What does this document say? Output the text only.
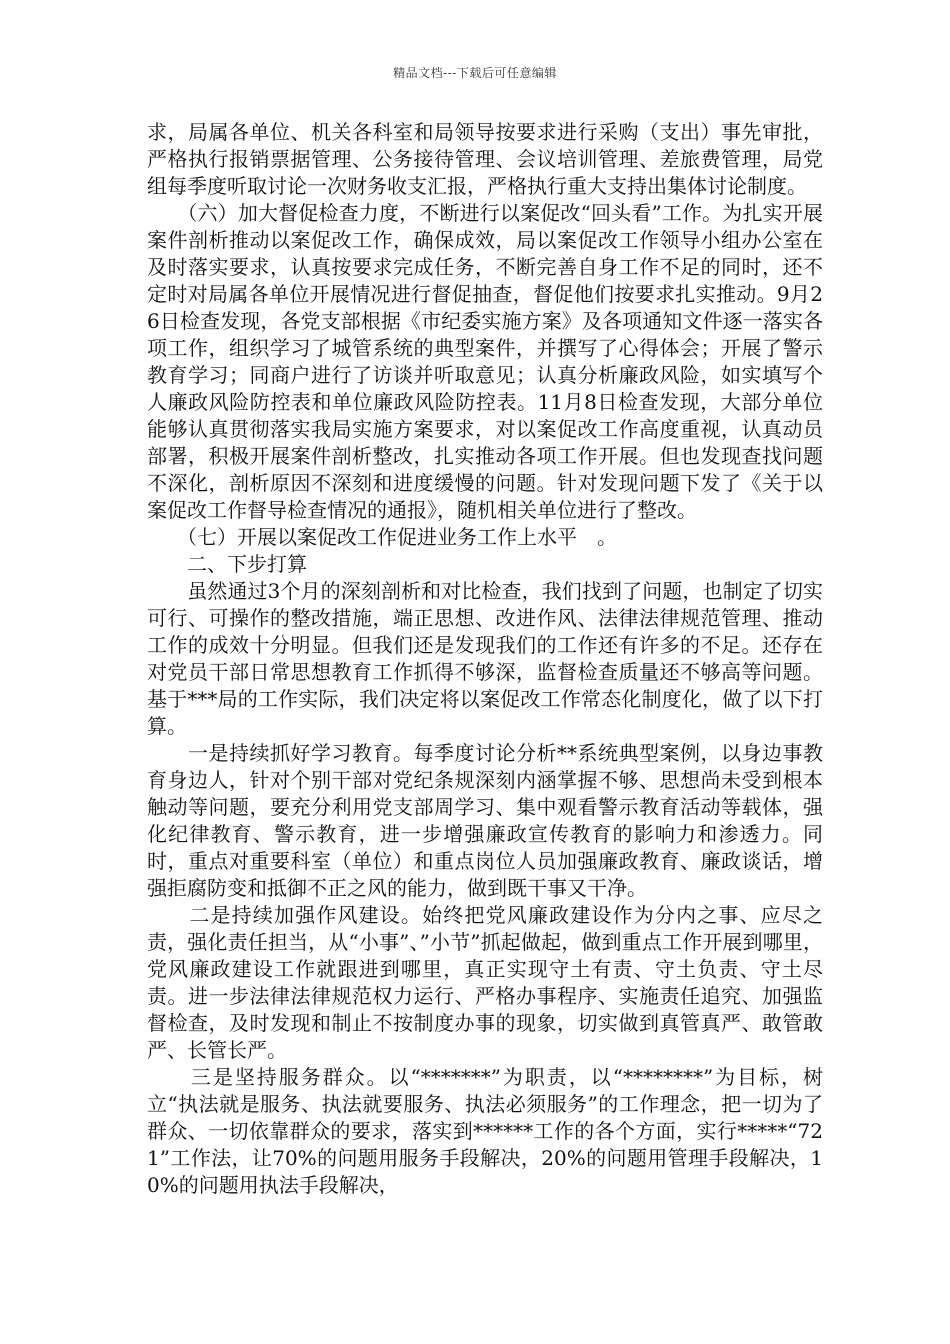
精品文档---下载后可任意编辑

求，局属各单位、机关各科室和局领导按要求进行采购（支出）事先审批，严格执行报销票据管理、公务接待管理、会议培训管理、差旅费管理，局党组每季度听取讨论一次财务收支汇报，严格执行重大支持出集体讨论制度。

　　（六）加大督促检查力度，不断进行以案促改“回头看”工作。为扎实开展案件剖析推动以案促改工作，确保成效，局以案促改工作领导小组办公室在及时落实要求，认真按要求完成任务，不断完善自身工作不足的同时，还不定时对局属各单位开展情况进行督促抽查，督促他们按要求扎实推动。9月26日检查发现，各党支部根据《市纪委实施方案》及各项通知文件逐一落实各项工作，组织学习了城管系统的典型案件，并撰写了心得体会；开展了警示教育学习；同商户进行了访谈并听取意见；认真分析廉政风险，如实填写个人廉政风险防控表和单位廉政风险防控表。11月8日检查发现，大部分单位能够认真贯彻落实我局实施方案要求，对以案促改工作高度重视，认真动员部署，积极开展案件剖析整改，扎实推动各项工作开展。但也发现查找问题不深化，剖析原因不深刻和进度缓慢的问题。针对发现问题下发了《关于以案促改工作督导检查情况的通报》，随机相关单位进行了整改。

　　（七）开展以案促改工作促进业务工作上水平　。

　　二、下步打算

　　虽然通过3个月的深刻剖析和对比检查，我们找到了问题，也制定了切实可行、可操作的整改措施，端正思想、改进作风、法律法律规范管理、推动工作的成效十分明显。但我们还是发现我们的工作还有许多的不足。还存在对党员干部日常思想教育工作抓得不够深，监督检查质量还不够高等问题。基于***局的工作实际，我们决定将以案促改工作常态化制度化，做了以下打算。

　　一是持续抓好学习教育。每季度讨论分析**系统典型案例，以身边事教育身边人，针对个别干部对党纪条规深刻内涵掌握不够、思想尚未受到根本触动等问题，要充分利用党支部周学习、集中观看警示教育活动等载体，强化纪律教育、警示教育，进一步增强廉政宣传教育的影响力和渗透力。同时，重点对重要科室（单位）和重点岗位人员加强廉政教育、廉政谈话，增强拒腐防变和抵御不正之风的能力，做到既干事又干净。

　　二是持续加强作风建设。始终把党风廉政建设作为分内之事、应尽之责，强化责任担当，从“小事”、”小节”抓起做起，做到重点工作开展到哪里，党风廉政建设工作就跟进到哪里，真正实现守土有责、守土负责、守土尽责。进一步法律法律规范权力运行、严格办事程序、实施责任追究、加强监督检查，及时发现和制止不按制度办事的现象，切实做到真管真严、敢管敢严、长管长严。

　　三是坚持服务群众。以“*******”为职责，以“********”为目标，树立“执法就是服务、执法就要服务、执法必须服务”的工作理念，把一切为了群众、一切依靠群众的要求，落实到******工作的各个方面，实行*****“721”工作法，让70%的问题用服务手段解决，20%的问题用管理手段解决，10%的问题用执法手段解决，
